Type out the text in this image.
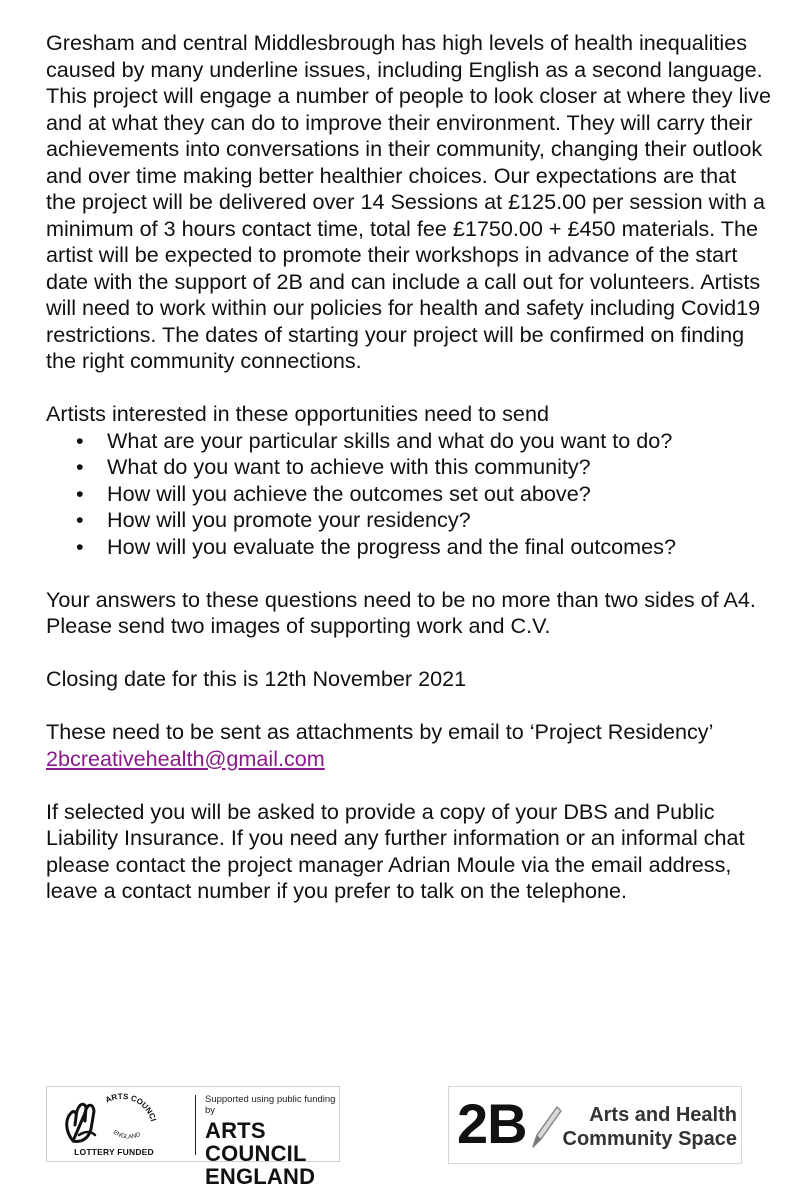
Gresham and central Middlesbrough has high levels of health inequalities caused by many underline issues, including English as a second language. This project will engage a number of people to look closer at where they live and at what they can do to improve their environment. They will carry their achievements into conversations in their community, changing their outlook and over time making better healthier choices. Our expectations are that the project will be delivered over 14 Sessions at £125.00 per session with a minimum of 3 hours contact time, total fee £1750.00 + £450 materials. The artist will be expected to promote their workshops in advance of the start date with the support of 2B and can include a call out for volunteers. Artists will need to work within our policies for health and safety including Covid19 restrictions. The dates of starting your project will be confirmed on finding the right community connections.

Artists interested in these opportunities need to send

• What are your particular skills and what do you want to do?
• What do you want to achieve with this community?
• How will you achieve the outcomes set out above?
• How will you promote your residency?
• How will you evaluate the progress and the final outcomes?

Your answers to these questions need to be no more than two sides of A4. Please send two images of supporting work and C.V.

Closing date for this is 12th November 2021

These need to be sent as attachments by email to ‘Project Residency’ 2bcreativehealth@gmail.com

If selected you will be asked to provide a copy of your DBS and Public Liability Insurance. If you need any further information or an informal chat please contact the project manager Adrian Moule via the email address, leave a contact number if you prefer to talk on the telephone.

ARTS COUNCI
ENGLAND
LOTTERY FUNDED

Supported using public funding by

ARTS COUNCIL

ENGLAND

2B	Arts and Health
Community Space
